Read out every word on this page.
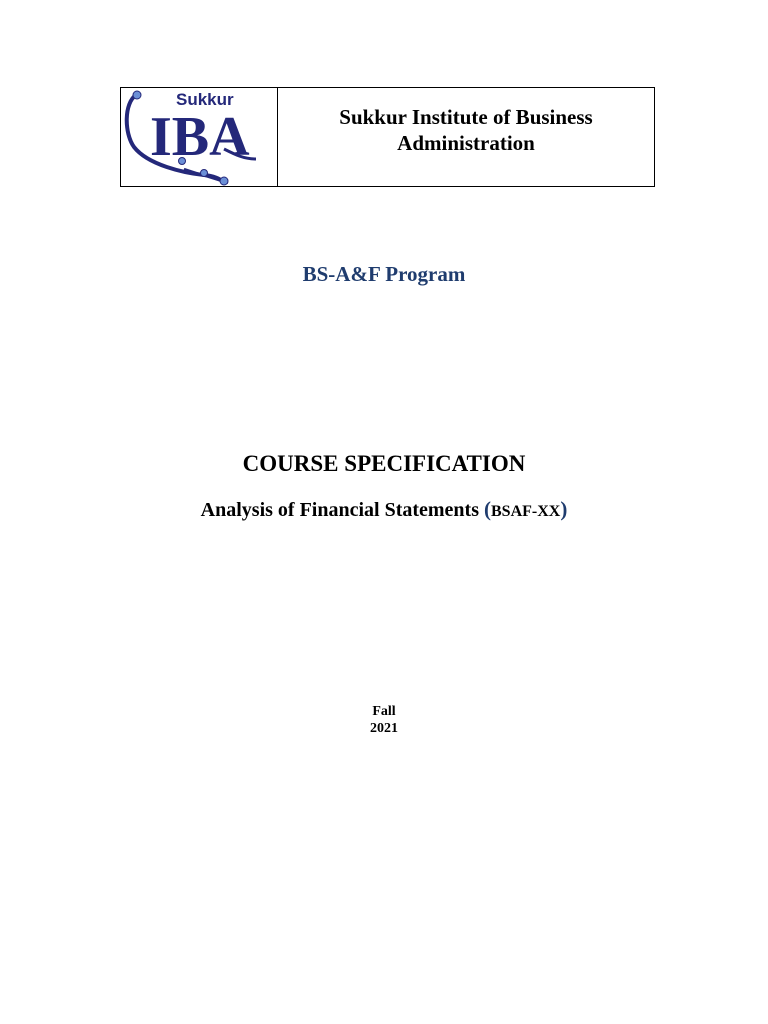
Sukkur
IBA	Sukkur Institute of Business Administration
BS-A&F Program
COURSE SPECIFICATION
Analysis of Financial Statements (BSAF-XX)
Fall
2021
